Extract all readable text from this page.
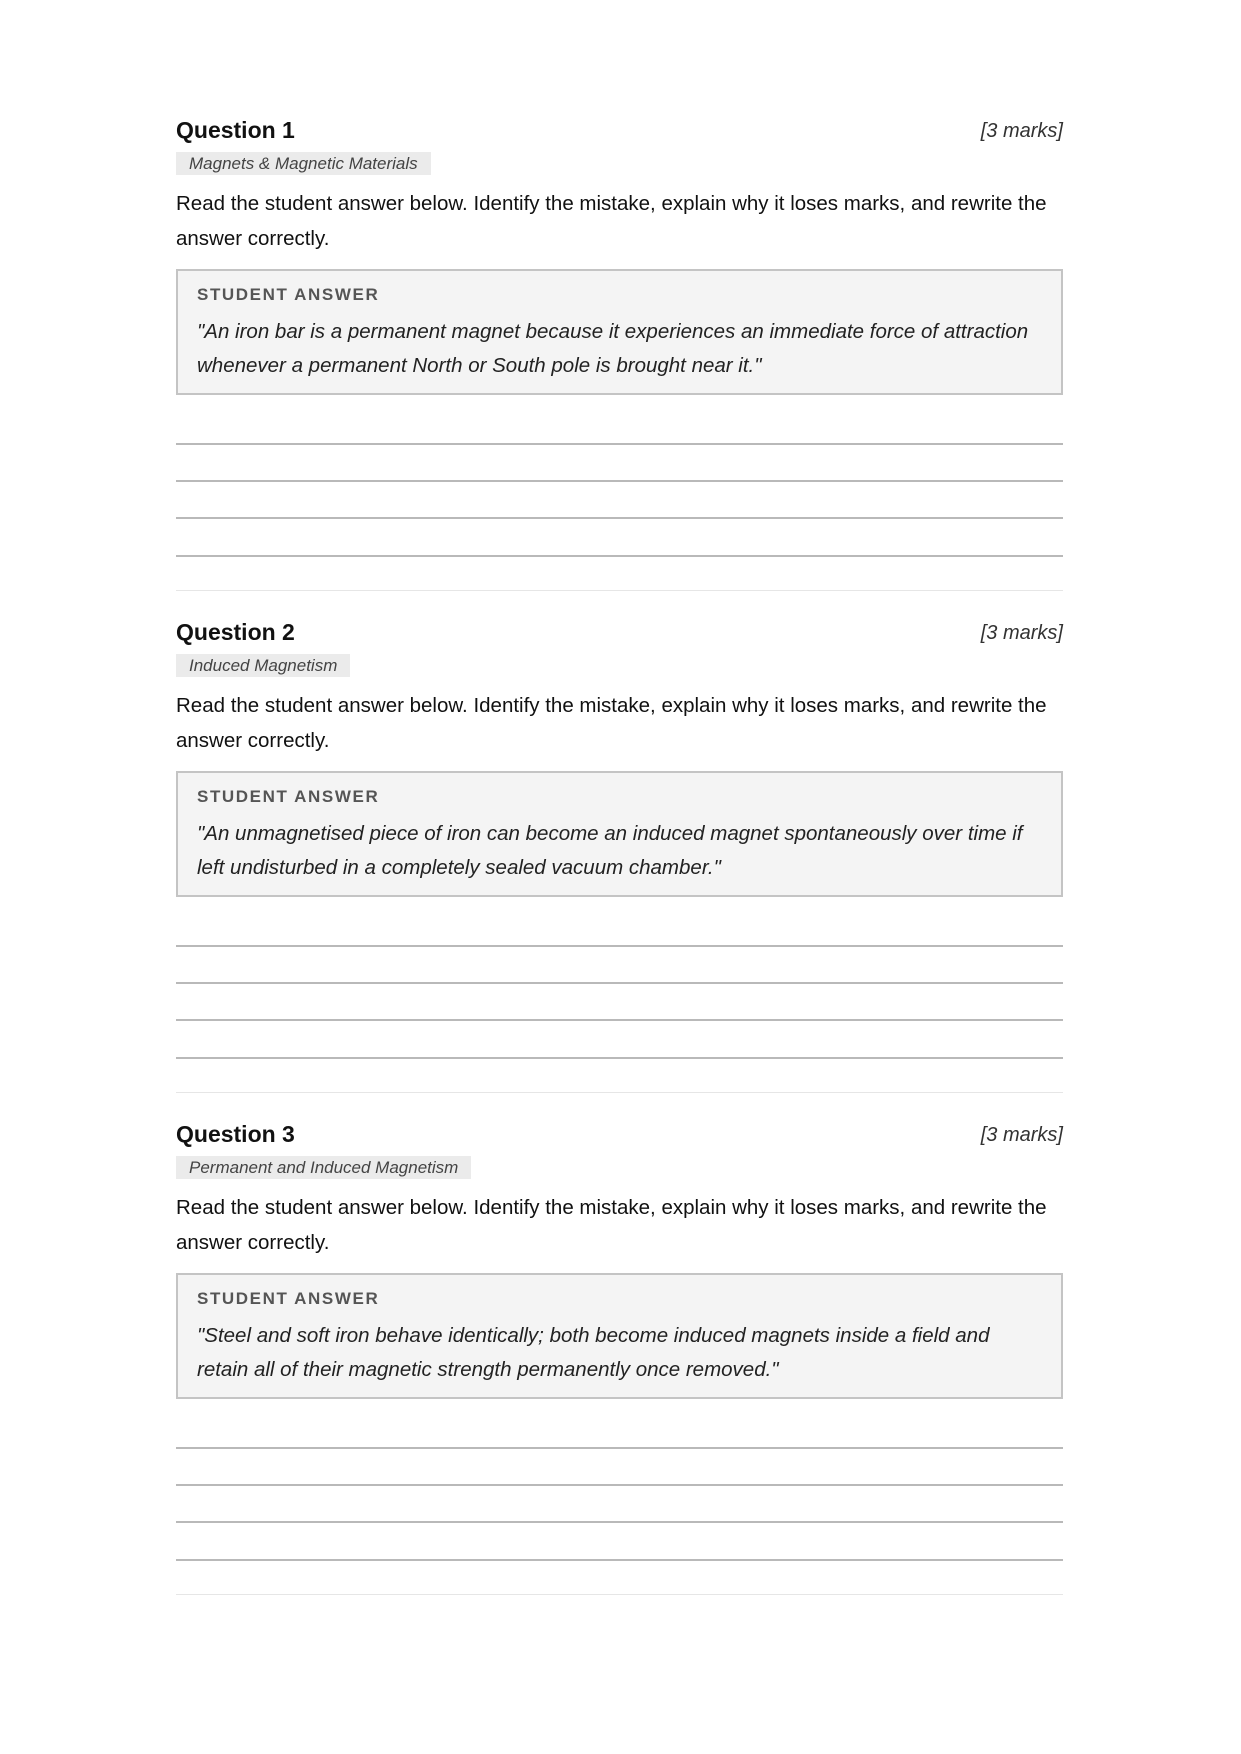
Question 1	[3 marks]
Magnets & Magnetic Materials
Read the student answer below. Identify the mistake, explain why it loses marks, and rewrite the answer correctly.
STUDENT ANSWER
"An iron bar is a permanent magnet because it experiences an immediate force of attraction whenever a permanent North or South pole is brought near it."
Question 2	[3 marks]
Induced Magnetism
Read the student answer below. Identify the mistake, explain why it loses marks, and rewrite the answer correctly.
STUDENT ANSWER
"An unmagnetised piece of iron can become an induced magnet spontaneously over time if left undisturbed in a completely sealed vacuum chamber."
Question 3	[3 marks]
Permanent and Induced Magnetism
Read the student answer below. Identify the mistake, explain why it loses marks, and rewrite the answer correctly.
STUDENT ANSWER
"Steel and soft iron behave identically; both become induced magnets inside a field and retain all of their magnetic strength permanently once removed."
